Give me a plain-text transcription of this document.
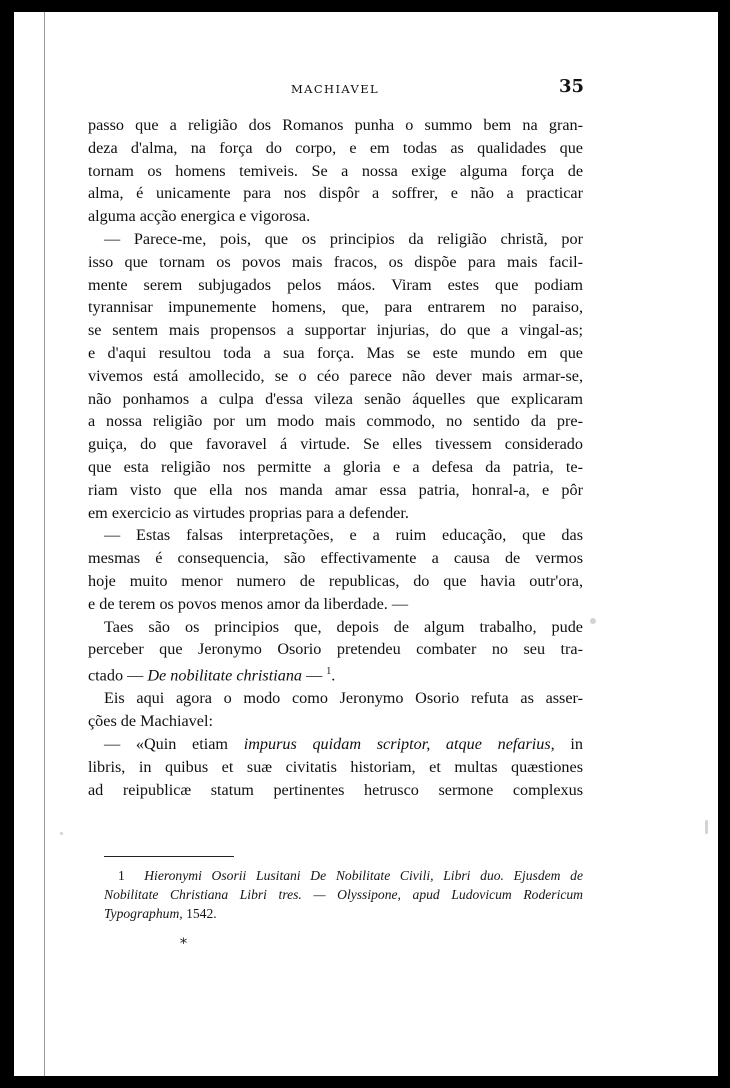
MACHIAVEL	35

passo que a religião dos Romanos punha o summo bem na gran-

deza d'alma, na força do corpo, e em todas as qualidades que

tornam os homens temiveis. Se a nossa exige alguma força de

alma, é unicamente para nos dispôr a soffrer, e não a practicar

alguma acção energica e vigorosa.

— Parece-me, pois, que os principios da religião christã, por

isso que tornam os povos mais fracos, os dispõe para mais facil-

mente serem subjugados pelos máos. Viram estes que podiam

tyrannisar impunemente homens, que, para entrarem no paraiso,

se sentem mais propensos a supportar injurias, do que a vingal-as;

e d'aqui resultou toda a sua força. Mas se este mundo em que

vivemos está amollecido, se o céo parece não dever mais armar-se,

não ponhamos a culpa d'essa vileza senão áquelles que explicaram

a nossa religião por um modo mais commodo, no sentido da pre-

guiça, do que favoravel á virtude. Se elles tivessem considerado

que esta religião nos permitte a gloria e a defesa da patria, te-

riam visto que ella nos manda amar essa patria, honral-a, e pôr

em exercicio as virtudes proprias para a defender.

— Estas falsas interpretações, e a ruim educação, que das

mesmas é consequencia, são effectivamente a causa de vermos

hoje muito menor numero de republicas, do que havia outr'ora,

e de terem os povos menos amor da liberdade. —

Taes são os principios que, depois de algum trabalho, pude

perceber que Jeronymo Osorio pretendeu combater no seu tra-

ctado — De nobilitate christiana — $^1$.

Eis aqui agora o modo como Jeronymo Osorio refuta as asser-

ções de Machiavel:

— «Quin etiam impurus quidam scriptor, atque nefarius, in

libris, in quibus et suæ civitatis historiam, et multas quæstiones

ad reipublicæ statum pertinentes hetrusco sermone complexus

1 Hieronymi Osorii Lusitani De Nobilitate Civili, Libri duo. Ejusdem de

Nobilitate Christiana Libri tres. — Olyssipone, apud Ludovicum Rodericum

Typographum, 1542.

*
